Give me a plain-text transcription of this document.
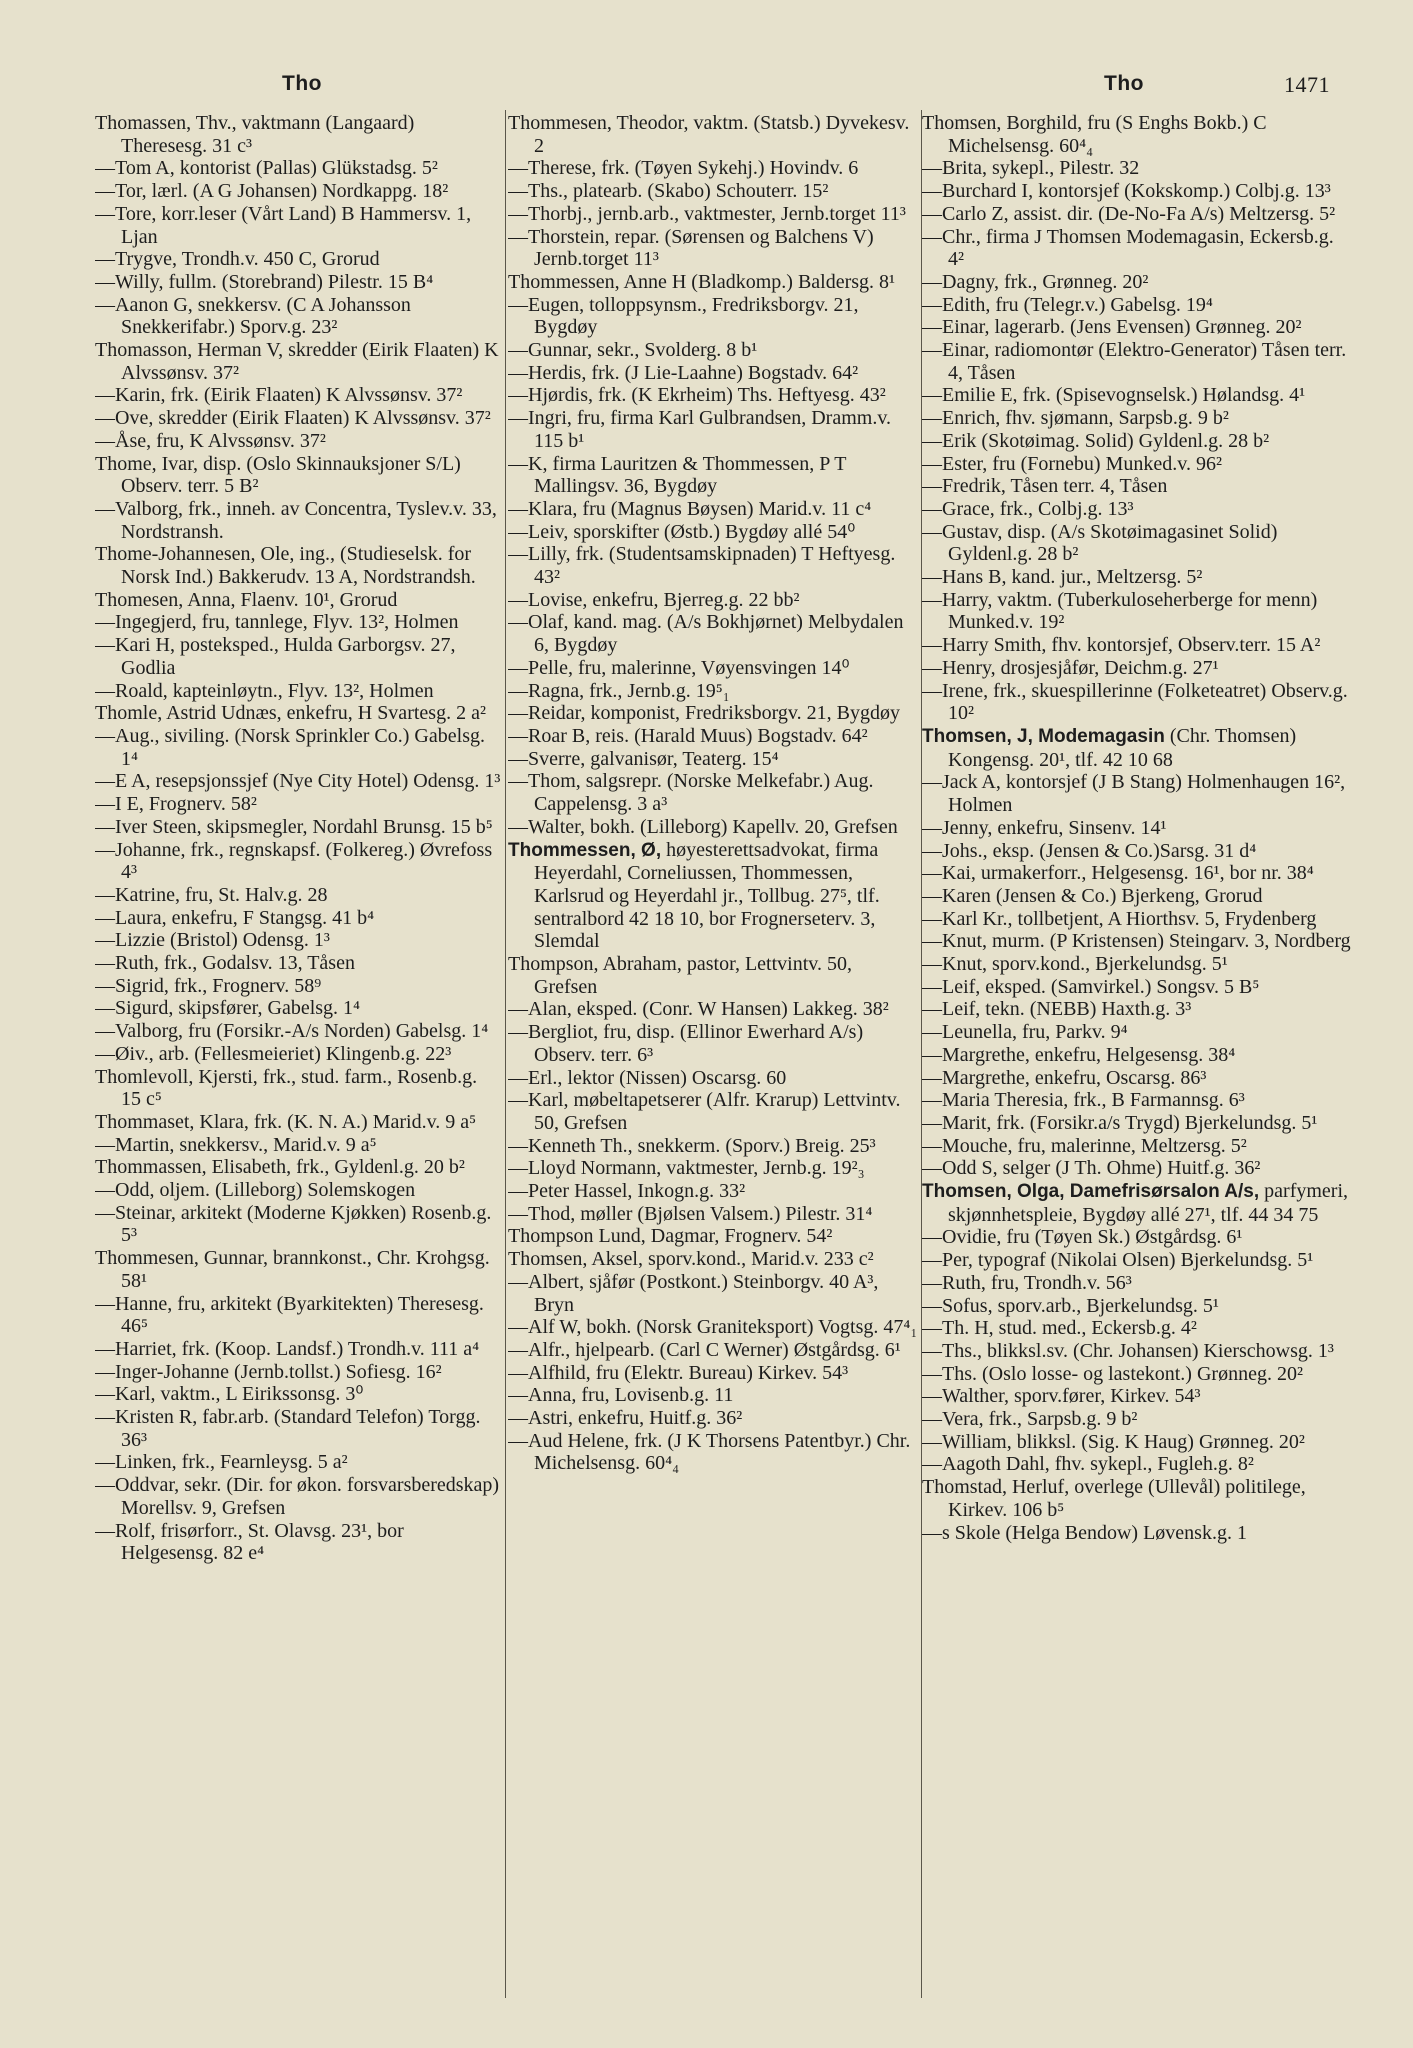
Tho	Tho	1471

Thomassen, Thv., vaktmann (Langaard) Theresesg. 31 c³

—Tom A, kontorist (Pallas) Glükstadsg. 5²

—Tor, lærl. (A G Johansen) Nordkappg. 18²

—Tore, korr.leser (Vårt Land) B Hammersv. 1, Ljan

—Trygve, Trondh.v. 450 C, Grorud

—Willy, fullm. (Storebrand) Pilestr. 15 B⁴

—Aanon G, snekkersv. (C A Johansson Snekkerifabr.) Sporv.g. 23²

Thomasson, Herman V, skredder (Eirik Flaaten) K Alvssønsv. 37²

—Karin, frk. (Eirik Flaaten) K Alvssønsv. 37²

—Ove, skredder (Eirik Flaaten) K Alvssønsv. 37²

—Åse, fru, K Alvssønsv. 37²

Thome, Ivar, disp. (Oslo Skinnauksjoner S/L) Observ. terr. 5 B²

—Valborg, frk., inneh. av Concentra, Tyslev.v. 33, Nordstransh.

Thome-Johannesen, Ole, ing., (Studieselsk. for Norsk Ind.) Bakkerudv. 13 A, Nordstrandsh.

Thomesen, Anna, Flaenv. 10¹, Grorud

—Ingegjerd, fru, tannlege, Flyv. 13², Holmen

—Kari H, posteksped., Hulda Garborgsv. 27, Godlia

—Roald, kapteinløytn., Flyv. 13², Holmen

Thomle, Astrid Udnæs, enkefru, H Svartesg. 2 a²

—Aug., siviling. (Norsk Sprinkler Co.) Gabelsg. 1⁴

—E A, resepsjonssjef (Nye City Hotel) Odensg. 1³

—I E, Frognerv. 58²

—Iver Steen, skipsmegler, Nordahl Brunsg. 15 b⁵

—Johanne, frk., regnskapsf. (Folkereg.) Øvrefoss 4³

—Katrine, fru, St. Halv.g. 28

—Laura, enkefru, F Stangsg. 41 b⁴

—Lizzie (Bristol) Odensg. 1³

—Ruth, frk., Godalsv. 13, Tåsen

—Sigrid, frk., Frognerv. 58⁹

—Sigurd, skipsfører, Gabelsg. 1⁴

—Valborg, fru (Forsikr.-A/s Norden) Gabelsg. 1⁴

—Øiv., arb. (Fellesmeieriet) Klingenb.g. 22³

Thomlevoll, Kjersti, frk., stud. farm., Rosenb.g. 15 c⁵

Thommaset, Klara, frk. (K. N. A.) Marid.v. 9 a⁵

—Martin, snekkersv., Marid.v. 9 a⁵

Thommassen, Elisabeth, frk., Gyldenl.g. 20 b²

—Odd, oljem. (Lilleborg) Solemskogen

—Steinar, arkitekt (Moderne Kjøkken) Rosenb.g. 5³

Thommesen, Gunnar, brannkonst., Chr. Krohgsg. 58¹

—Hanne, fru, arkitekt (Byarkitekten) Theresesg. 46⁵

—Harriet, frk. (Koop. Landsf.) Trondh.v. 111 a⁴

—Inger-Johanne (Jernb.tollst.) Sofiesg. 16²

—Karl, vaktm., L Eirikssonsg. 3⁰

—Kristen R, fabr.arb. (Standard Telefon) Torgg. 36³

—Linken, frk., Fearnleysg. 5 a²

—Oddvar, sekr. (Dir. for økon. forsvarsberedskap) Morellsv. 9, Grefsen

—Rolf, frisørforr., St. Olavsg. 23¹, bor Helgesensg. 82 e⁴

Thommesen, Theodor, vaktm. (Statsb.) Dyvekesv. 2

—Therese, frk. (Tøyen Sykehj.) Hovindv. 6

—Ths., platearb. (Skabo) Schouterr. 15²

—Thorbj., jernb.arb., vaktmester, Jernb.torget 11³

—Thorstein, repar. (Sørensen og Balchens V) Jernb.torget 11³

Thommessen, Anne H (Bladkomp.) Baldersg. 8¹

—Eugen, tolloppsynsm., Fredriksborgv. 21, Bygdøy

—Gunnar, sekr., Svolderg. 8 b¹

—Herdis, frk. (J Lie-Laahne) Bogstadv. 64²

—Hjørdis, frk. (K Ekrheim) Ths. Heftyesg. 43²

—Ingri, fru, firma Karl Gulbrandsen, Dramm.v. 115 b¹

—K, firma Lauritzen & Thommessen, P T Mallingsv. 36, Bygdøy

—Klara, fru (Magnus Bøysen) Marid.v. 11 c⁴

—Leiv, sporskifter (Østb.) Bygdøy allé 54⁰

—Lilly, frk. (Studentsamskipnaden) T Heftyesg. 43²

—Lovise, enkefru, Bjerreg.g. 22 bb²

—Olaf, kand. mag. (A/s Bokhjørnet) Melbydalen 6, Bygdøy

—Pelle, fru, malerinne, Vøyensvingen 14⁰

—Ragna, frk., Jernb.g. 19⁵₁

—Reidar, komponist, Fredriksborgv. 21, Bygdøy

—Roar B, reis. (Harald Muus) Bogstadv. 64²

—Sverre, galvanisør, Teaterg. 15⁴

—Thom, salgsrepr. (Norske Melkefabr.) Aug. Cappelensg. 3 a³

—Walter, bokh. (Lilleborg) Kapellv. 20, Grefsen

Thommessen, Ø, høyesterettsadvokat, firma Heyerdahl, Corneliussen, Thommessen, Karlsrud og Heyerdahl jr., Tollbug. 27⁵, tlf. sentralbord 42 18 10, bor Frognerseterv. 3, Slemdal

Thompson, Abraham, pastor, Lettvintv. 50, Grefsen

—Alan, eksped. (Conr. W Hansen) Lakkeg. 38²

—Bergliot, fru, disp. (Ellinor Ewerhard A/s) Observ. terr. 6³

—Erl., lektor (Nissen) Oscarsg. 60

—Karl, møbeltapetserer (Alfr. Krarup) Lettvintv. 50, Grefsen

—Kenneth Th., snekkerm. (Sporv.) Breig. 25³

—Lloyd Normann, vaktmester, Jernb.g. 19²₃

—Peter Hassel, Inkogn.g. 33²

—Thod, møller (Bjølsen Valsem.) Pilestr. 31⁴

Thompson Lund, Dagmar, Frognerv. 54²

Thomsen, Aksel, sporv.kond., Marid.v. 233 c²

—Albert, sjåfør (Postkont.) Steinborgv. 40 A³, Bryn

—Alf W, bokh. (Norsk Graniteksport) Vogtsg. 47⁴₁

—Alfr., hjelpearb. (Carl C Werner) Østgårdsg. 6¹

—Alfhild, fru (Elektr. Bureau) Kirkev. 54³

—Anna, fru, Lovisenb.g. 11

—Astri, enkefru, Huitf.g. 36²

—Aud Helene, frk. (J K Thorsens Patentbyr.) Chr. Michelsensg. 60⁴₄

Thomsen, Borghild, fru (S Enghs Bokb.) C Michelsensg. 60⁴₄

—Brita, sykepl., Pilestr. 32

—Burchard I, kontorsjef (Kokskomp.) Colbj.g. 13³

—Carlo Z, assist. dir. (De-No-Fa A/s) Meltzersg. 5²

—Chr., firma J Thomsen Modemagasin, Eckersb.g. 4²

—Dagny, frk., Grønneg. 20²

—Edith, fru (Telegr.v.) Gabelsg. 19⁴

—Einar, lagerarb. (Jens Evensen) Grønneg. 20²

—Einar, radiomontør (Elektro-Generator) Tåsen terr. 4, Tåsen

—Emilie E, frk. (Spisevognselsk.) Hølandsg. 4¹

—Enrich, fhv. sjømann, Sarpsb.g. 9 b²

—Erik (Skotøimag. Solid) Gyldenl.g. 28 b²

—Ester, fru (Fornebu) Munked.v. 96²

—Fredrik, Tåsen terr. 4, Tåsen

—Grace, frk., Colbj.g. 13³

—Gustav, disp. (A/s Skotøimagasinet Solid) Gyldenl.g. 28 b²

—Hans B, kand. jur., Meltzersg. 5²

—Harry, vaktm. (Tuberkuloseherberge for menn) Munked.v. 19²

—Harry Smith, fhv. kontorsjef, Observ.terr. 15 A²

—Henry, drosjesjåfør, Deichm.g. 27¹

—Irene, frk., skuespillerinne (Folketeatret) Observ.g. 10²

Thomsen, J, Modemagasin (Chr. Thomsen) Kongensg. 20¹, tlf. 42 10 68

—Jack A, kontorsjef (J B Stang) Holmenhaugen 16², Holmen

—Jenny, enkefru, Sinsenv. 14¹

—Johs., eksp. (Jensen & Co.)Sarsg. 31 d⁴

—Kai, urmakerforr., Helgesensg. 16¹, bor nr. 38⁴

—Karen (Jensen & Co.) Bjerkeng, Grorud

—Karl Kr., tollbetjent, A Hiorthsv. 5, Frydenberg

—Knut, murm. (P Kristensen) Steingarv. 3, Nordberg

—Knut, sporv.kond., Bjerkelundsg. 5¹

—Leif, eksped. (Samvirkel.) Songsv. 5 B⁵

—Leif, tekn. (NEBB) Haxth.g. 3³

—Leunella, fru, Parkv. 9⁴

—Margrethe, enkefru, Helgesensg. 38⁴

—Margrethe, enkefru, Oscarsg. 86³

—Maria Theresia, frk., B Farmannsg. 6³

—Marit, frk. (Forsikr.a/s Trygd) Bjerkelundsg. 5¹

—Mouche, fru, malerinne, Meltzersg. 5²

—Odd S, selger (J Th. Ohme) Huitf.g. 36²

Thomsen, Olga, Damefrisørsalon A/s, parfymeri, skjønnhetspleie, Bygdøy allé 27¹, tlf. 44 34 75

—Ovidie, fru (Tøyen Sk.) Østgårdsg. 6¹

—Per, typograf (Nikolai Olsen) Bjerkelundsg. 5¹

—Ruth, fru, Trondh.v. 56³

—Sofus, sporv.arb., Bjerkelundsg. 5¹

—Th. H, stud. med., Eckersb.g. 4²

—Ths., blikksl.sv. (Chr. Johansen) Kierschowsg. 1³

—Ths. (Oslo losse- og lastekont.) Grønneg. 20²

—Walther, sporv.fører, Kirkev. 54³

—Vera, frk., Sarpsb.g. 9 b²

—William, blikksl. (Sig. K Haug) Grønneg. 20²

—Aagoth Dahl, fhv. sykepl., Fugleh.g. 8²

Thomstad, Herluf, overlege (Ullevål) politilege, Kirkev. 106 b⁵

—s Skole (Helga Bendow) Løvensk.g. 1
